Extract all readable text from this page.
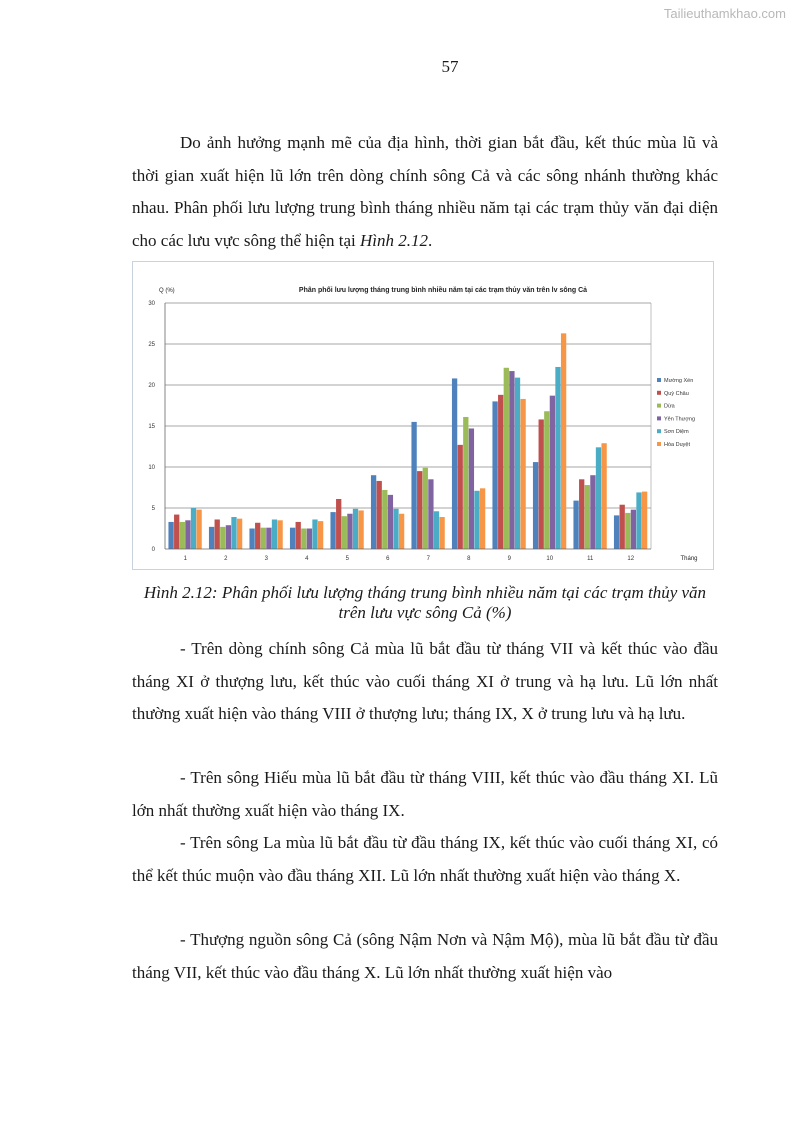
Tailieuthamkhao.com
57

Do ảnh hưởng mạnh mẽ của địa hình, thời gian bắt đầu, kết thúc mùa lũ và thời gian xuất hiện lũ lớn trên dòng chính sông Cả và các sông nhánh thường khác nhau. Phân phối lưu lượng trung bình tháng nhiều năm tại các trạm thủy văn đại diện cho các lưu vực sông thể hiện tại Hình 2.12.

0
5
10
15
20
25
30
1	2	3	4	5	6	7	8	9	10	11	12
Phân phối lưu lượng tháng trung bình nhiều năm tại các trạm thủy văn trên lv sông Cả
Q (%)
Tháng
Mường Xén
Quỳ Châu
Dừa
Yên Thượng
Sơn Diệm
Hòa Duyệt

Hình 2.12: Phân phối lưu lượng tháng trung bình nhiều năm tại các trạm thủy văn trên lưu vực sông Cả (%)

- Trên dòng chính sông Cả mùa lũ bắt đầu từ tháng VII và kết thúc vào đầu tháng XI ở thượng lưu, kết thúc vào cuối tháng XI ở trung và hạ lưu. Lũ lớn nhất thường xuất hiện vào tháng VIII ở thượng lưu; tháng IX, X ở trung lưu và hạ lưu.

- Trên sông Hiếu mùa lũ bắt đầu từ tháng VIII, kết thúc vào đầu tháng XI. Lũ lớn nhất thường xuất hiện vào tháng IX.

- Trên sông La mùa lũ bắt đầu từ đầu tháng IX, kết thúc vào cuối tháng XI, có thể kết thúc muộn vào đầu tháng XII. Lũ lớn nhất thường xuất hiện vào tháng X.

- Thượng nguồn sông Cả (sông Nậm Nơn và Nậm Mộ), mùa lũ bắt đầu từ đầu tháng VII, kết thúc vào đầu tháng X. Lũ lớn nhất thường xuất hiện vào
